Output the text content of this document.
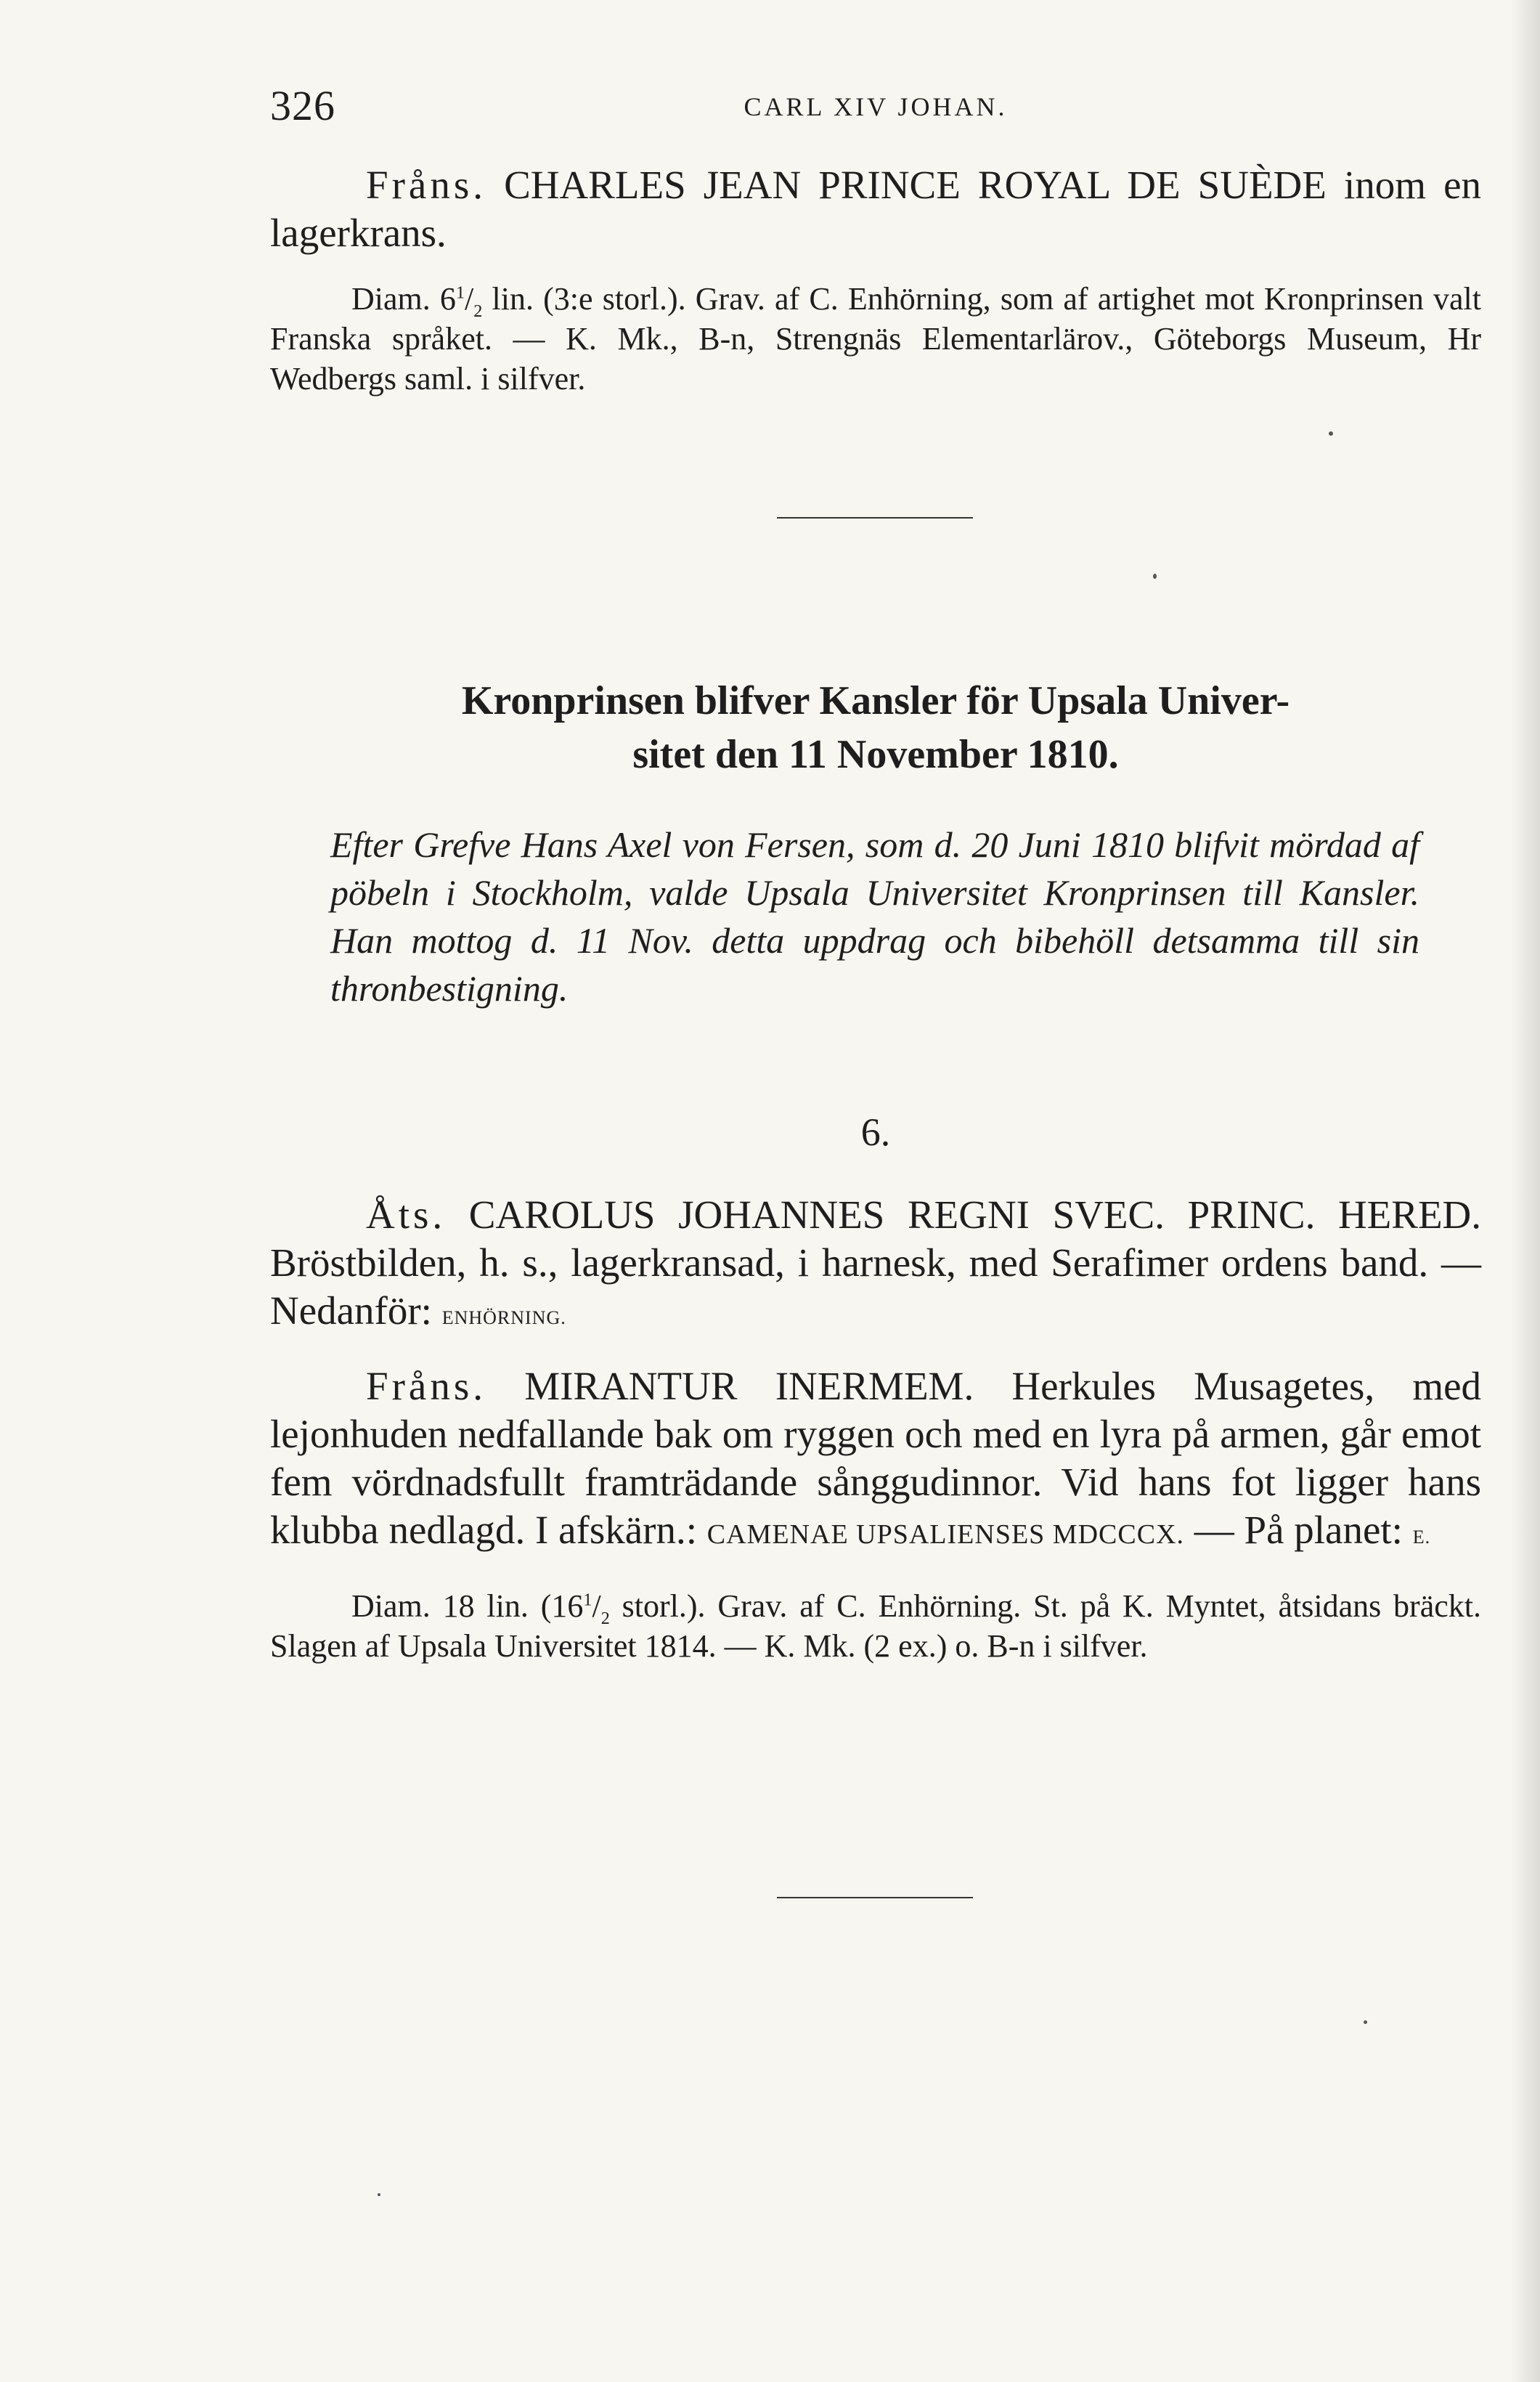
326	CARL XIV JOHAN.

Fråns. CHARLES JEAN PRINCE ROYAL DE SUÈDE inom en lagerkrans.

Diam. $6^1/_2$ lin. (3:e storl.). Grav. af C. Enhörning, som af artighet mot Kronprinsen valt Franska språket. — K. Mk., B-n, Strengnäs Elementarlärov., Göteborgs Museum, Hr Wedbergs saml. i silfver.

Kronprinsen blifver Kansler för Upsala Univer-
sitet den 11 November 1810.

Efter Grefve Hans Axel von Fersen, som d. 20 Juni 1810 blifvit mördad af pöbeln i Stockholm, valde Upsala Universitet Kronprinsen till Kansler. Han mottog d. 11 Nov. detta uppdrag och bibehöll detsamma till sin thronbestigning.

6.

Åts. CAROLUS JOHANNES REGNI SVEC. PRINC. HERED. Bröstbilden, h. s., lagerkransad, i harnesk, med Serafimer ordens band. — Nedanför: ENHÖRNING.

Fråns. MIRANTUR INERMEM. Herkules Musagetes, med lejonhuden nedfallande bak om ryggen och med en lyra på armen, går emot fem vördnadsfullt framträdande sånggudinnor. Vid hans fot ligger hans klubba nedlagd. I afskärn.: CAMENAE UPSALIENSES MDCCCX. — På planet: E.

Diam. 18 lin. ($16^1/_2$ storl.). Grav. af C. Enhörning. St. på K. Myntet, åtsidans bräckt. Slagen af Upsala Universitet 1814. — K. Mk. (2 ex.) o. B-n i silfver.
